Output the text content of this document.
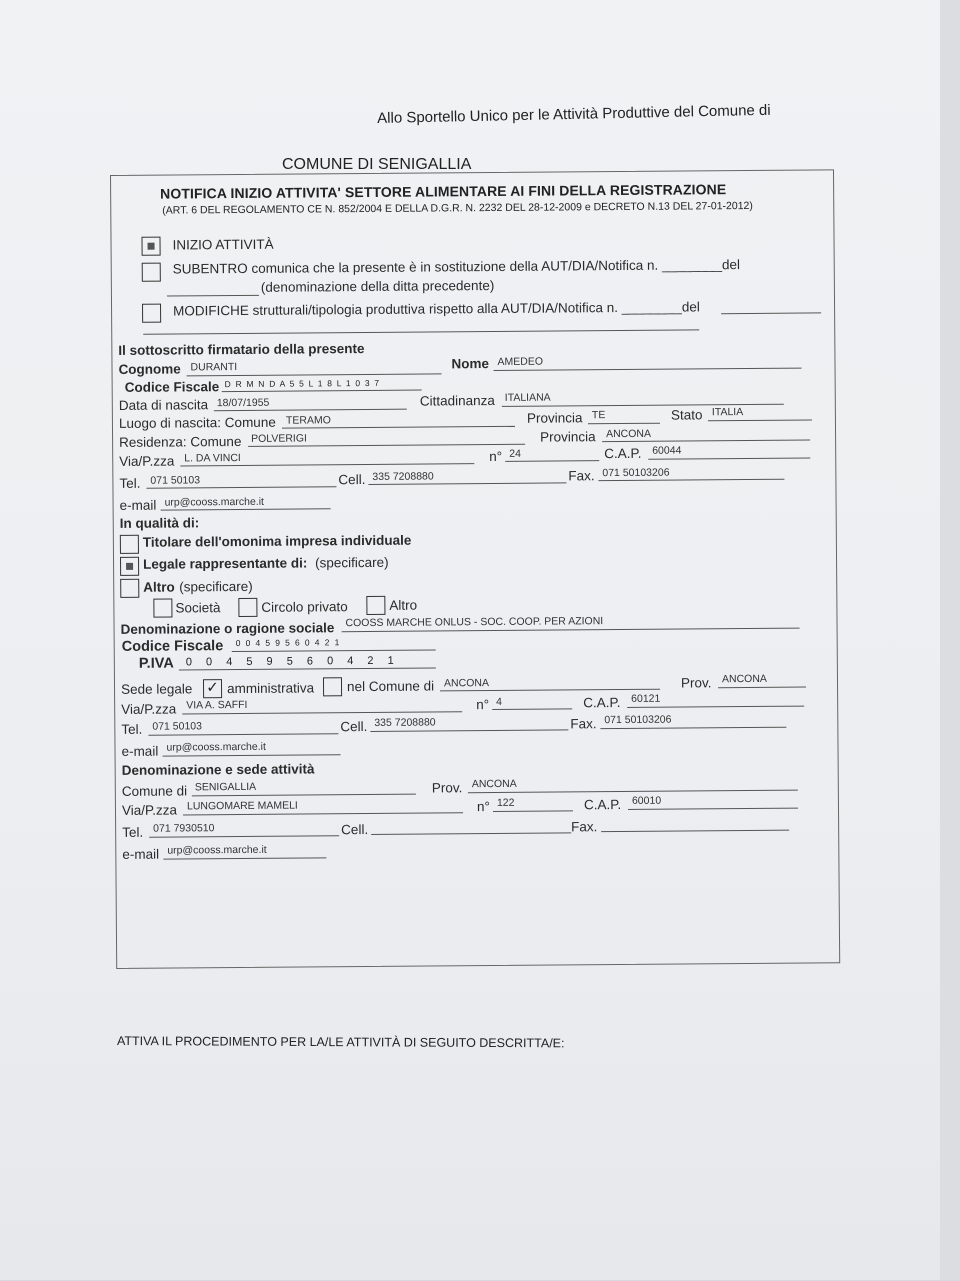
Allo Sportello Unico per le Attività Produttive del Comune di
COMUNE DI SENIGALLIA
NOTIFICA INIZIO ATTIVITA' SETTORE ALIMENTARE AI FINI DELLA REGISTRAZIONE
(ART. 6 DEL REGOLAMENTO CE N. 852/2004 E DELLA D.G.R. N. 2232 DEL 28-12-2009 e DECRETO N.13 DEL 27-01-2012)
INIZIO ATTIVITÀ
SUBENTRO comunica che la presente è in sostituzione della AUT/DIA/Notifica n. ________del
(denominazione della ditta precedente)
MODIFICHE strutturali/tipologia produttiva rispetto alla AUT/DIA/Notifica n. ________del
Il sottoscritto firmatario della presente
Cognome DURANTI	Nome AMEDEO
Codice Fiscale D R M N D A 5 5 L 1 8 L 1 0 3 7
Data di nascita 18/07/1955	Cittadinanza ITALIANA
Luogo di nascita: Comune TERAMO	Provincia TE	Stato ITALIA
Residenza: Comune POLVERIGI	Provincia ANCONA
Via/P.zza L. DA VINCI	n° 24	C.A.P. 60044
Tel. 071 50103	Cell. 335 7208880	Fax. 071 50103206
e-mail urp@cooss.marche.it
In qualità di:
Titolare dell'omonima impresa individuale
Legale rappresentante di: (specificare)
Altro (specificare)
Società	Circolo privato	Altro
Denominazione o ragione sociale COOSS MARCHE ONLUS - SOC. COOP. PER AZIONI
Codice Fiscale 0 0 4 5 9 5 6 0 4 2 1
P.IVA 0 0 4 5 9 5 6 0 4 2 1
Sede legale ✓ amministrativa nel Comune di ANCONA	Prov. ANCONA
Via/P.zza VIA A. SAFFI	n° 4	C.A.P. 60121
Tel. 071 50103	Cell. 335 7208880	Fax. 071 50103206
e-mail urp@cooss.marche.it
Denominazione e sede attività
Comune di SENIGALLIA	Prov. ANCONA
Via/P.zza LUNGOMARE MAMELI	n° 122	C.A.P. 60010
Tel. 071 7930510	Cell.	Fax.
e-mail urp@cooss.marche.it
ATTIVA IL PROCEDIMENTO PER LA/LE ATTIVITÀ DI SEGUITO DESCRITTA/E:
